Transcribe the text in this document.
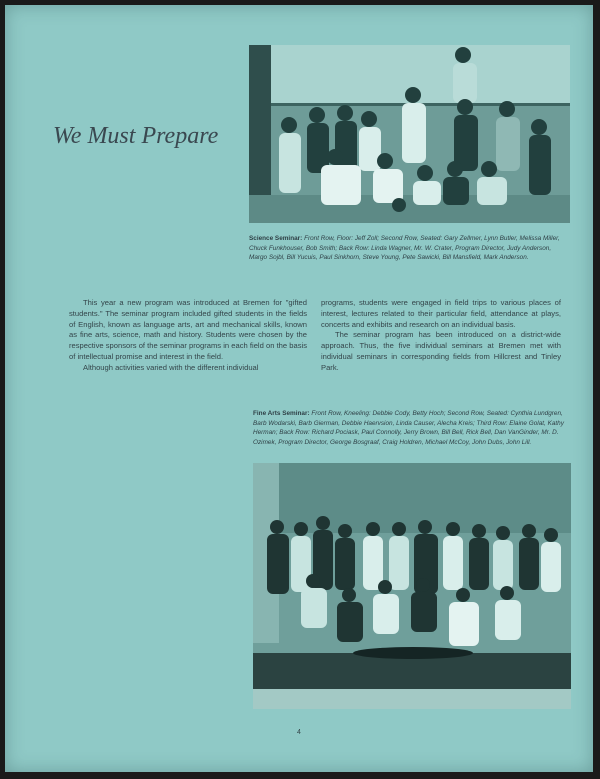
We Must Prepare
Science Seminar: Front Row, Floor: Jeff Zoll; Second Row, Seated: Gary Zellmer, Lynn Butler, Melissa Miller, Chuck Funkhouser, Bob Smith; Back Row: Linda Wagner, Mr. W. Crater, Program Director, Judy Anderson, Margo Sojbl, Bill Yucuis, Paul Sinkhorn, Steve Young, Pete Sawicki, Bill Mansfield, Mark Anderson.

This year a new program was introduced at Bremen for "gifted students." The seminar program included gifted students in the fields of English, known as language arts, art and mechanical skills, known as fine arts, science, math and history. Students were chosen by the respective sponsors of the seminar programs in each field on the basis of intellectual promise and interest in the field.

Although activities varied with the different individual

programs, students were engaged in field trips to various places of interest, lectures related to their particular field, attendance at plays, concerts and exhibits and research on an individual basis.

The seminar program has been introduced on a district-wide approach. Thus, the five individual seminars at Bremen met with individual seminars in corresponding fields from Hillcrest and Tinley Park.

Fine Arts Seminar: Front Row, Kneeling: Debbie Cody, Betty Hoch; Second Row, Seated: Cynthia Lundgren, Barb Wodarski, Barb Gierman, Debbie Haervsion, Linda Causer, Alecha Kreis; Third Row: Elaine Golat, Kathy Herman; Back Row: Richard Pociask, Paul Connolly, Jerry Brown, Bill Bell, Rick Bell, Dan VanGinder, Mr. D. Ozimek, Program Director, George Bosgraaf, Craig Holdren, Michael McCoy, John Dubs, John Lill.
4
